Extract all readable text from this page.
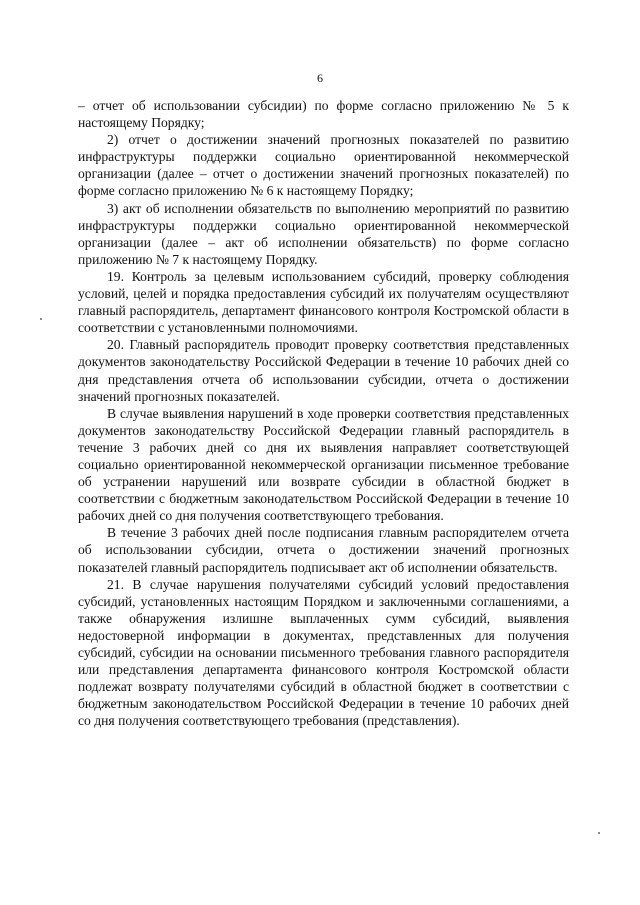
6

– отчет об использовании субсидии) по форме согласно приложению № 5 к настоящему Порядку;

2) отчет о достижении значений прогнозных показателей по развитию инфраструктуры поддержки социально ориентированной некоммерческой организации (далее – отчет о достижении значений прогнозных показателей) по форме согласно приложению № 6 к настоящему Порядку;

3) акт об исполнении обязательств по выполнению мероприятий по развитию инфраструктуры поддержки социально ориентированной некоммерческой организации (далее – акт об исполнении обязательств) по форме согласно приложению № 7 к настоящему Порядку.

19. Контроль за целевым использованием субсидий, проверку соблюдения условий, целей и порядка предоставления субсидий их получателям осуществляют главный распорядитель, департамент финансового контроля Костромской области в соответствии с установленными полномочиями.

20. Главный распорядитель проводит проверку соответствия представленных документов законодательству Российской Федерации в течение 10 рабочих дней со дня представления отчета об использовании субсидии, отчета о достижении значений прогнозных показателей.

В случае выявления нарушений в ходе проверки соответствия представленных документов законодательству Российской Федерации главный распорядитель в течение 3 рабочих дней со дня их выявления направляет соответствующей социально ориентированной некоммерческой организации письменное требование об устранении нарушений или возврате субсидии в областной бюджет в соответствии с бюджетным законодательством Российской Федерации в течение 10 рабочих дней со дня получения соответствующего требования.

В течение 3 рабочих дней после подписания главным распорядителем отчета об использовании субсидии, отчета о достижении значений прогнозных показателей главный распорядитель подписывает акт об исполнении обязательств.

21. В случае нарушения получателями субсидий условий предоставления субсидий, установленных настоящим Порядком и заключенными соглашениями, а также обнаружения излишне выплаченных сумм субсидий, выявления недостоверной информации в документах, представленных для получения субсидий, субсидии на основании письменного требования главного распорядителя или представления департамента финансового контроля Костромской области подлежат возврату получателями субсидий в областной бюджет в соответствии с бюджетным законодательством Российской Федерации в течение 10 рабочих дней со дня получения соответствующего требования (представления).
